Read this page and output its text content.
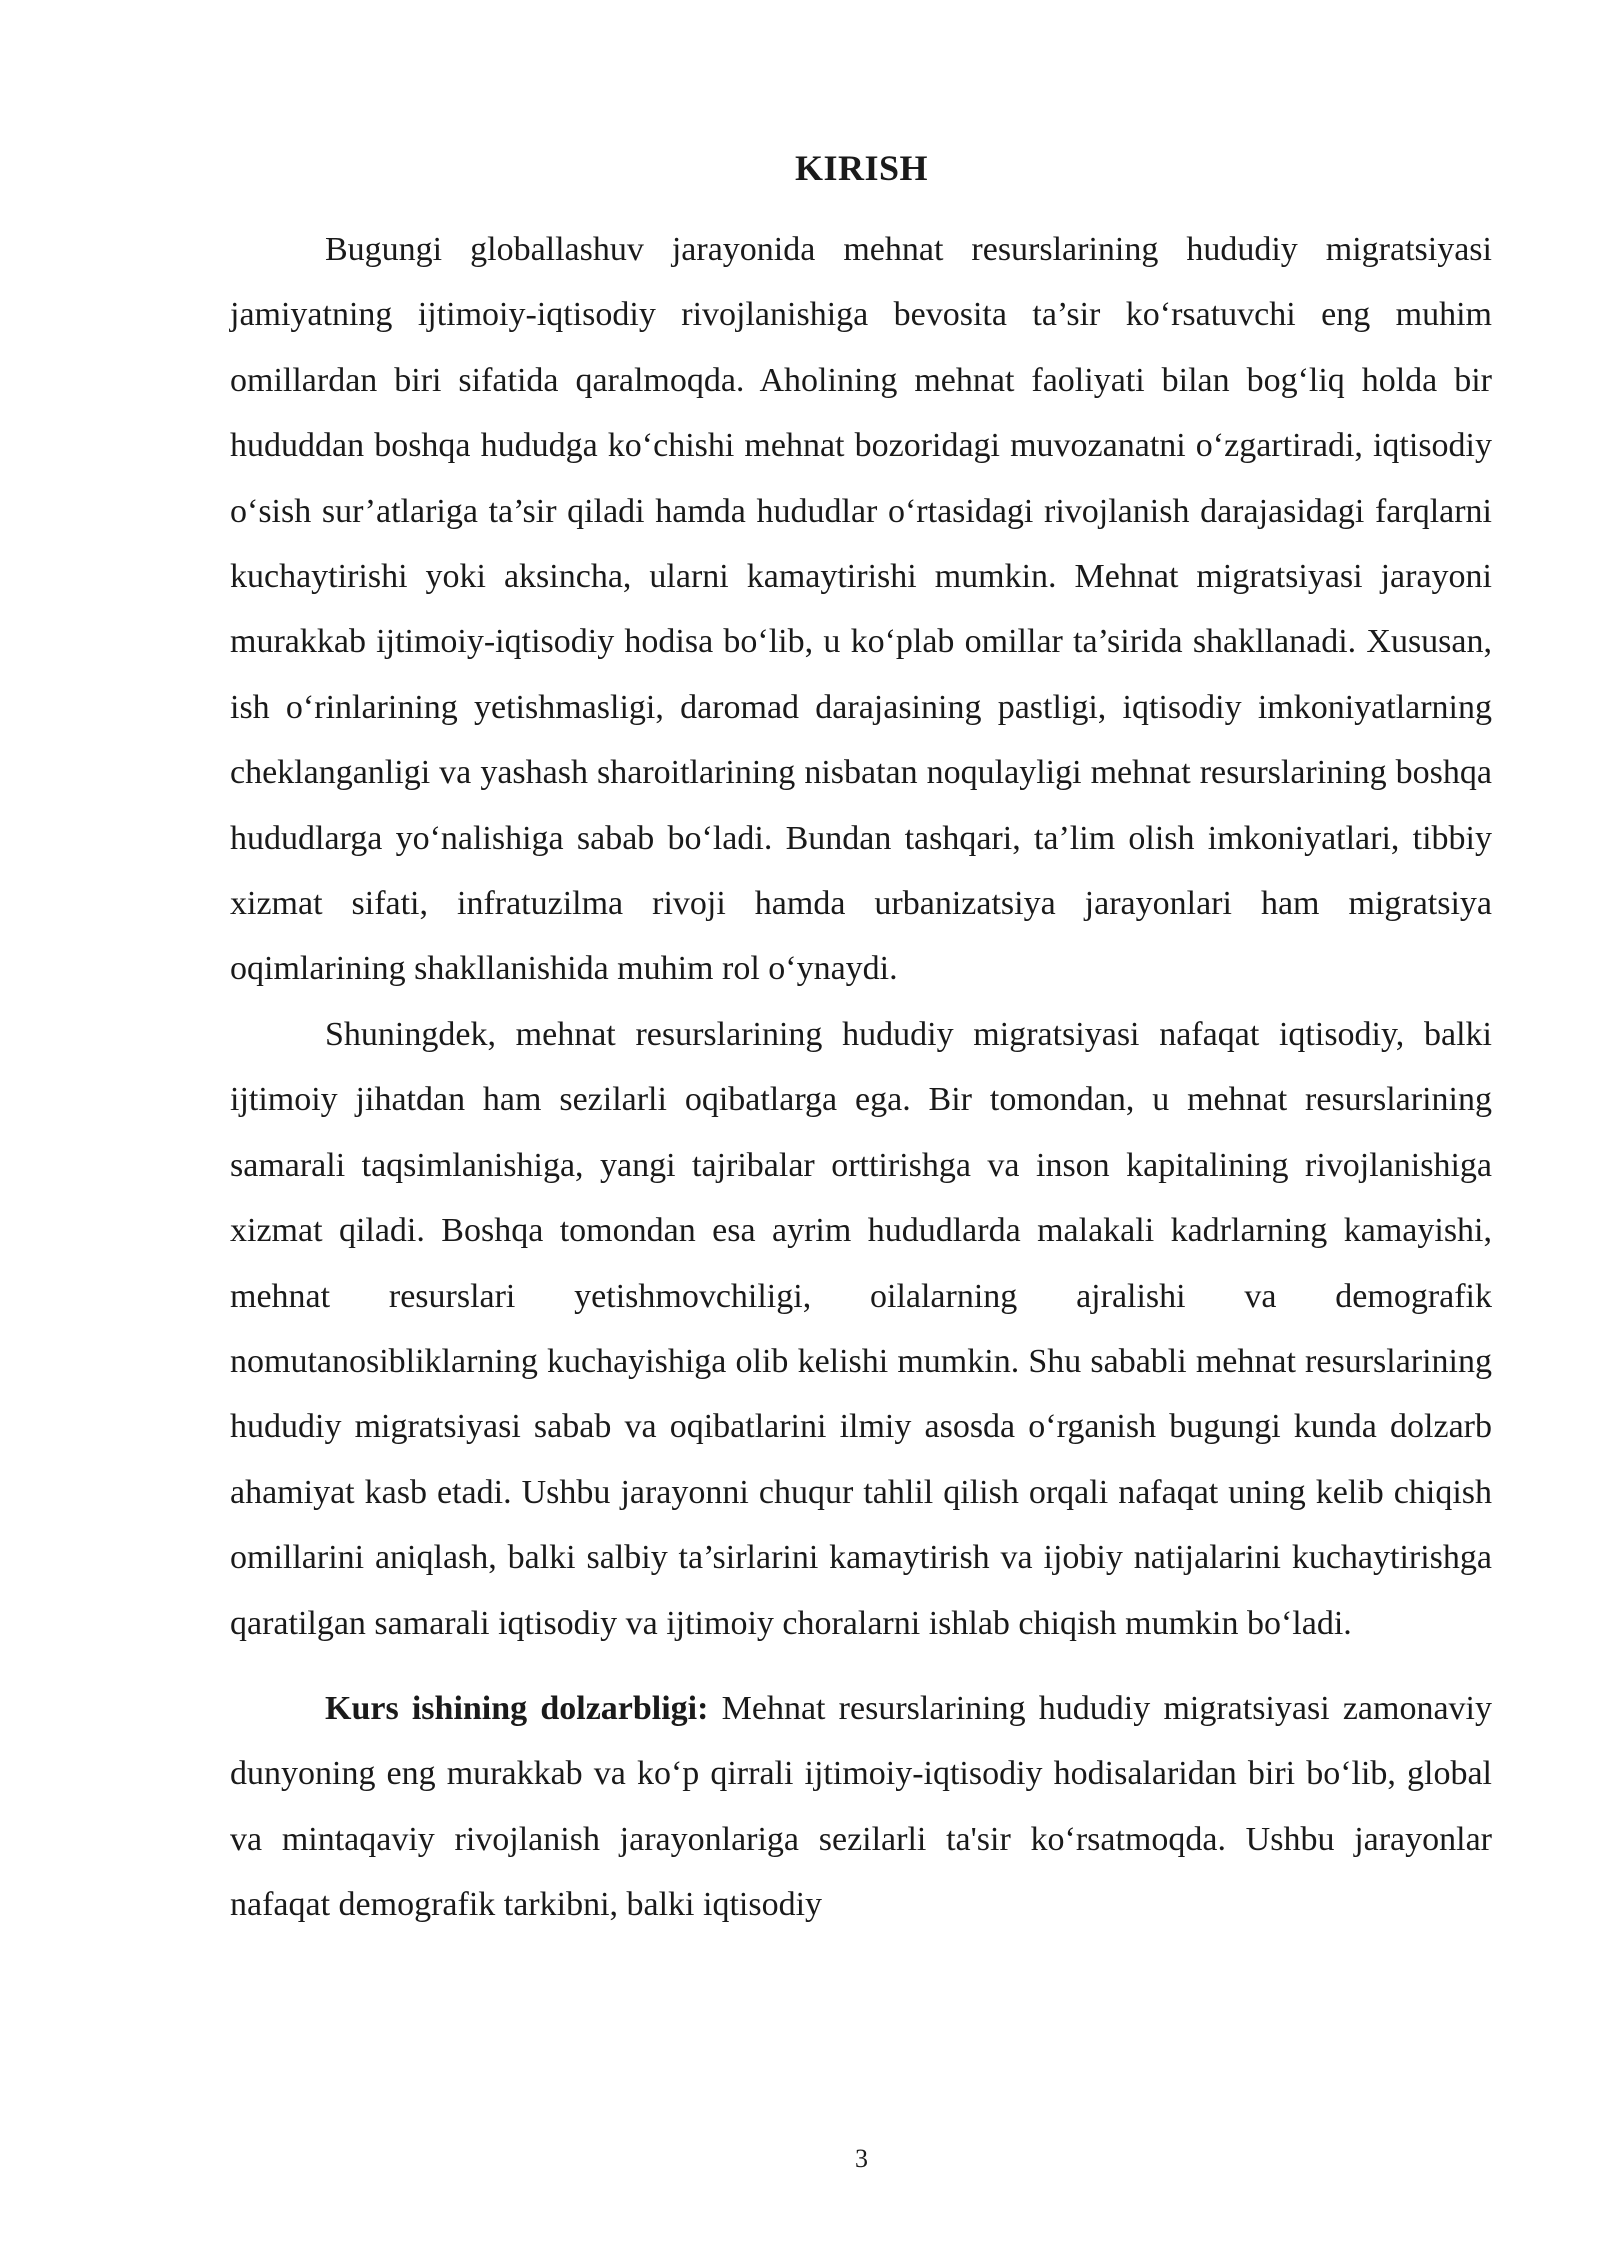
KIRISH

Bugungi globallashuv jarayonida mehnat resurslarining hududiy migratsiyasi jamiyatning ijtimoiy-iqtisodiy rivojlanishiga bevosita ta’sir koʻrsatuvchi eng muhim omillardan biri sifatida qaralmoqda. Aholining mehnat faoliyati bilan bogʻliq holda bir hududdan boshqa hududga koʻchishi mehnat bozoridagi muvozanatni oʻzgartiradi, iqtisodiy oʻsish sur’atlariga ta’sir qiladi hamda hududlar oʻrtasidagi rivojlanish darajasidagi farqlarni kuchaytirishi yoki aksincha, ularni kamaytirishi mumkin. Mehnat migratsiyasi jarayoni murakkab ijtimoiy-iqtisodiy hodisa boʻlib, u koʻplab omillar ta’sirida shakllanadi. Xususan, ish oʻrinlarining yetishmasligi, daromad darajasining pastligi, iqtisodiy imkoniyatlarning cheklanganligi va yashash sharoitlarining nisbatan noqulayligi mehnat resurslarining boshqa hududlarga yoʻnalishiga sabab boʻladi. Bundan tashqari, ta’lim olish imkoniyatlari, tibbiy xizmat sifati, infratuzilma rivoji hamda urbanizatsiya jarayonlari ham migratsiya oqimlarining shakllanishida muhim rol oʻynaydi.

Shuningdek, mehnat resurslarining hududiy migratsiyasi nafaqat iqtisodiy, balki ijtimoiy jihatdan ham sezilarli oqibatlarga ega. Bir tomondan, u mehnat resurslarining samarali taqsimlanishiga, yangi tajribalar orttirishga va inson kapitalining rivojlanishiga xizmat qiladi. Boshqa tomondan esa ayrim hududlarda malakali kadrlarning kamayishi, mehnat resurslari yetishmovchiligi, oilalarning ajralishi va demografik nomutanosibliklarning kuchayishiga olib kelishi mumkin. Shu sababli mehnat resurslarining hududiy migratsiyasi sabab va oqibatlarini ilmiy asosda oʻrganish bugungi kunda dolzarb ahamiyat kasb etadi. Ushbu jarayonni chuqur tahlil qilish orqali nafaqat uning kelib chiqish omillarini aniqlash, balki salbiy ta’sirlarini kamaytirish va ijobiy natijalarini kuchaytirishga qaratilgan samarali iqtisodiy va ijtimoiy choralarni ishlab chiqish mumkin boʻladi.

Kurs ishining dolzarbligi: Mehnat resurslarining hududiy migratsiyasi zamonaviy dunyoning eng murakkab va koʻp qirrali ijtimoiy-iqtisodiy hodisalaridan biri boʻlib, global va mintaqaviy rivojlanish jarayonlariga sezilarli ta'sir koʻrsatmoqda. Ushbu jarayonlar nafaqat demografik tarkibni, balki iqtisodiy

3
